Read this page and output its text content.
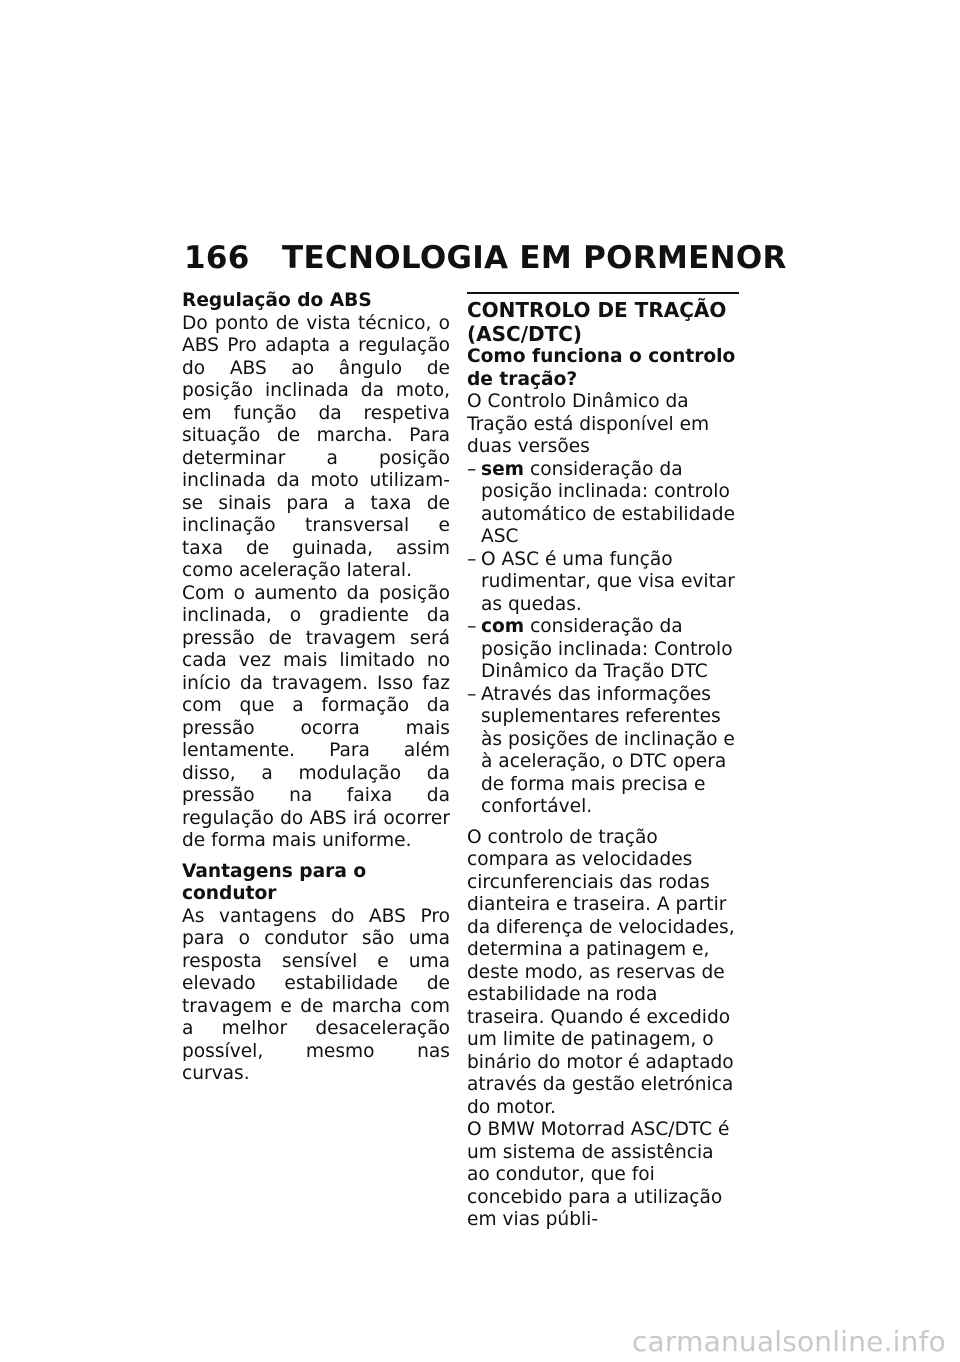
166 TECNOLOGIA EM PORMENOR

Regulação do ABS

Do ponto de vista técnico, o ABS Pro adapta a regulação do ABS ao ângulo de posição inclinada da moto, em função da respetiva situação de marcha. Para determinar a posição inclinada da moto utilizam-se sinais para a taxa de inclinação transversal e taxa de guinada, assim como aceleração lateral.

Com o aumento da posição inclinada, o gradiente da pressão de travagem será cada vez mais limitado no início da travagem. Isso faz com que a formação da pressão ocorra mais lentamente. Para além disso, a modulação da pressão na faixa da regulação do ABS irá ocorrer de forma mais uniforme.

Vantagens para o condutor

As vantagens do ABS Pro para o condutor são uma resposta sensível e uma elevado estabilidade de travagem e de marcha com a melhor desaceleração possível, mesmo nas curvas.

CONTROLO DE TRAÇÃO (ASC/DTC)

Como funciona o controlo de tração?

O Controlo Dinâmico da Tração está disponível em duas versões

– sem consideração da posição inclinada: controlo automático de estabilidade ASC
– O ASC é uma função rudimentar, que visa evitar as quedas.
– com consideração da posição inclinada: Controlo Dinâmico da Tração DTC
– Através das informações suplementares referentes às posições de inclinação e à aceleração, o DTC opera de forma mais precisa e confortável.

O controlo de tração compara as velocidades circunferenciais das rodas dianteira e traseira. A partir da diferença de velocidades, determina a patinagem e, deste modo, as reservas de estabilidade na roda traseira. Quando é excedido um limite de patinagem, o binário do motor é adaptado através da gestão eletrónica do motor.

O BMW Motorrad ASC/DTC é um sistema de assistência ao condutor, que foi concebido para a utilização em vias públi-

carmanualsonline.info
